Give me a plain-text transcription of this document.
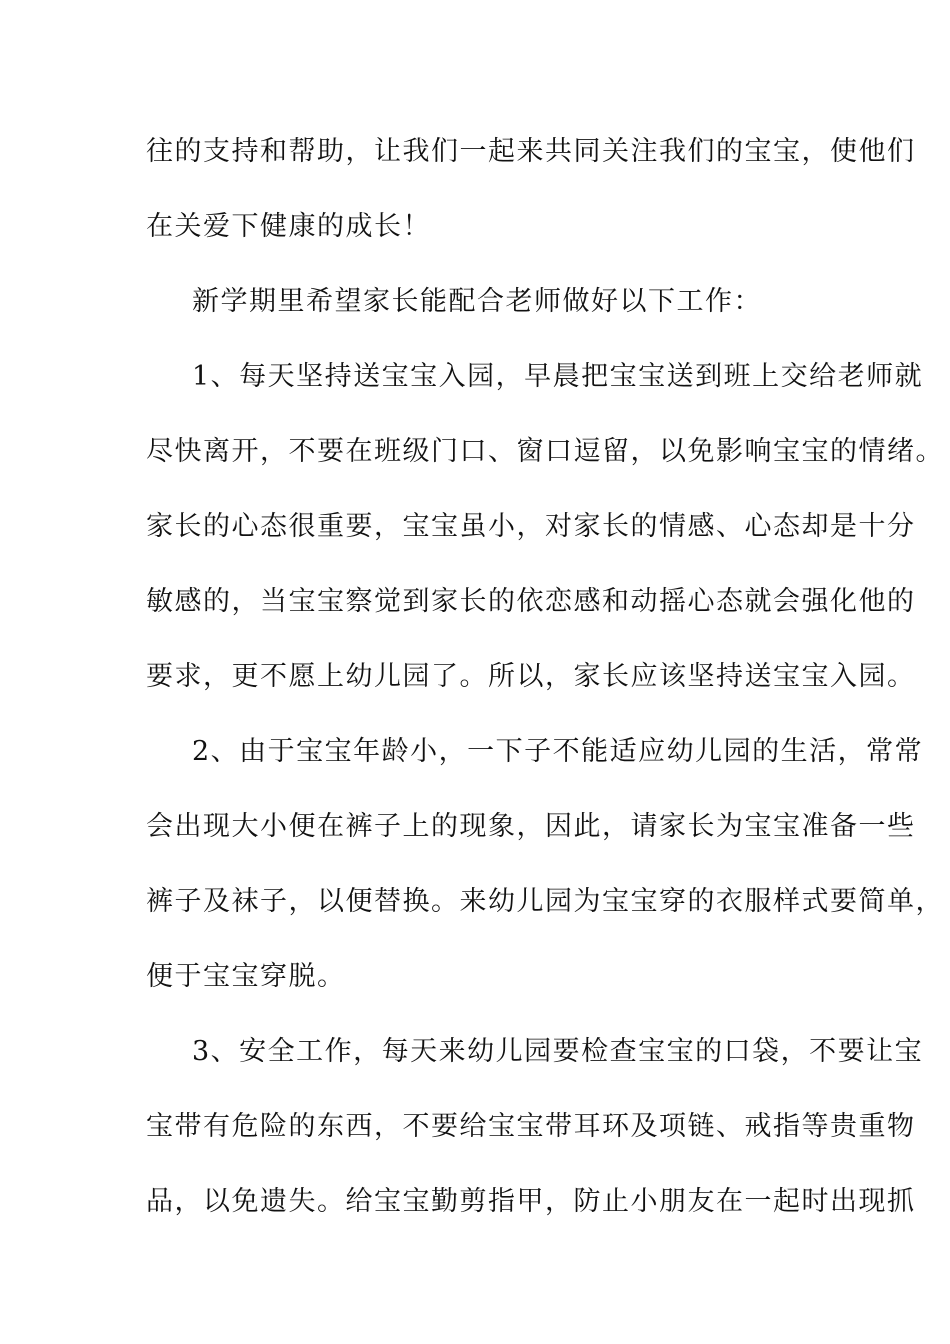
往的支持和帮助，让我们一起来共同关注我们的宝宝，使他们
在关爱下健康的成长！
新学期里希望家长能配合老师做好以下工作：
1、每天坚持送宝宝入园，早晨把宝宝送到班上交给老师就
尽快离开，不要在班级门口、窗口逗留，以免影响宝宝的情绪。
家长的心态很重要，宝宝虽小，对家长的情感、心态却是十分
敏感的，当宝宝察觉到家长的依恋感和动摇心态就会强化他的
要求，更不愿上幼儿园了。所以，家长应该坚持送宝宝入园。
2、由于宝宝年龄小，一下子不能适应幼儿园的生活，常常
会出现大小便在裤子上的现象，因此，请家长为宝宝准备一些
裤子及袜子，以便替换。来幼儿园为宝宝穿的衣服样式要简单，
便于宝宝穿脱。
3、安全工作，每天来幼儿园要检查宝宝的口袋，不要让宝
宝带有危险的东西，不要给宝宝带耳环及项链、戒指等贵重物
品，以免遗失。给宝宝勤剪指甲，防止小朋友在一起时出现抓
